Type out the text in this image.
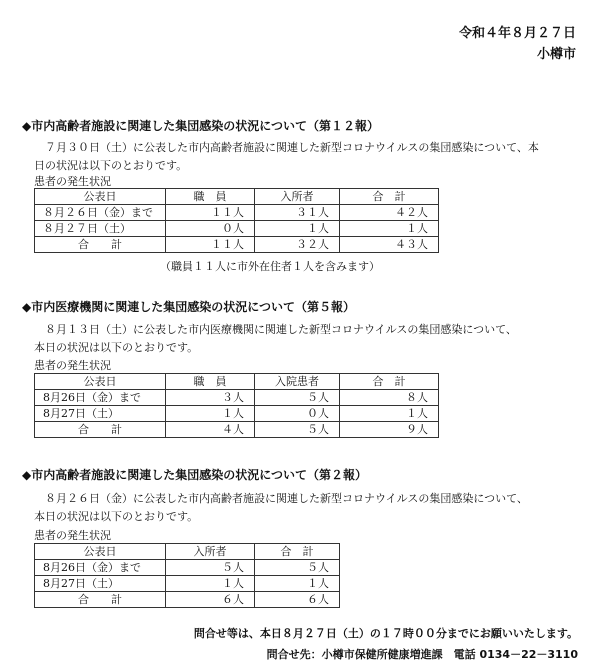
令和４年８月２７日
小樽市
◆市内高齢者施設に関連した集団感染の状況について（第１２報）
７月３０日（土）に公表した市内高齢者施設に関連した新型コロナウイルスの集団感染について、本
日の状況は以下のとおりです。
患者の発生状況
公表日	職　員	入所者	合　計
８月２６日（金）まで	１１人	３１人	４２人
８月２７日（土）	０人	１人	１人
合　　計	１１人	３２人	４３人
（職員１１人に市外在住者１人を含みます）
◆市内医療機関に関連した集団感染の状況について（第５報）
８月１３日（土）に公表した市内医療機関に関連した新型コロナウイルスの集団感染について、
本日の状況は以下のとおりです。
患者の発生状況
公表日	職　員	入院患者	合　計
8月26日（金）まで	３人	５人	８人
8月27日（土）	１人	０人	１人
合　　計	４人	５人	９人
◆市内高齢者施設に関連した集団感染の状況について（第２報）
８月２６日（金）に公表した市内高齢者施設に関連した新型コロナウイルスの集団感染について、
本日の状況は以下のとおりです。
患者の発生状況
公表日	入所者	合　計
8月26日（金）まで	５人	５人
8月27日（土）	１人	１人
合　　計	６人	６人
問合せ等は、本日８月２７日（土）の１７時００分までにお願いいたします。
問合せ先：小樽市保健所健康増進課　電話 0134－22－3110
